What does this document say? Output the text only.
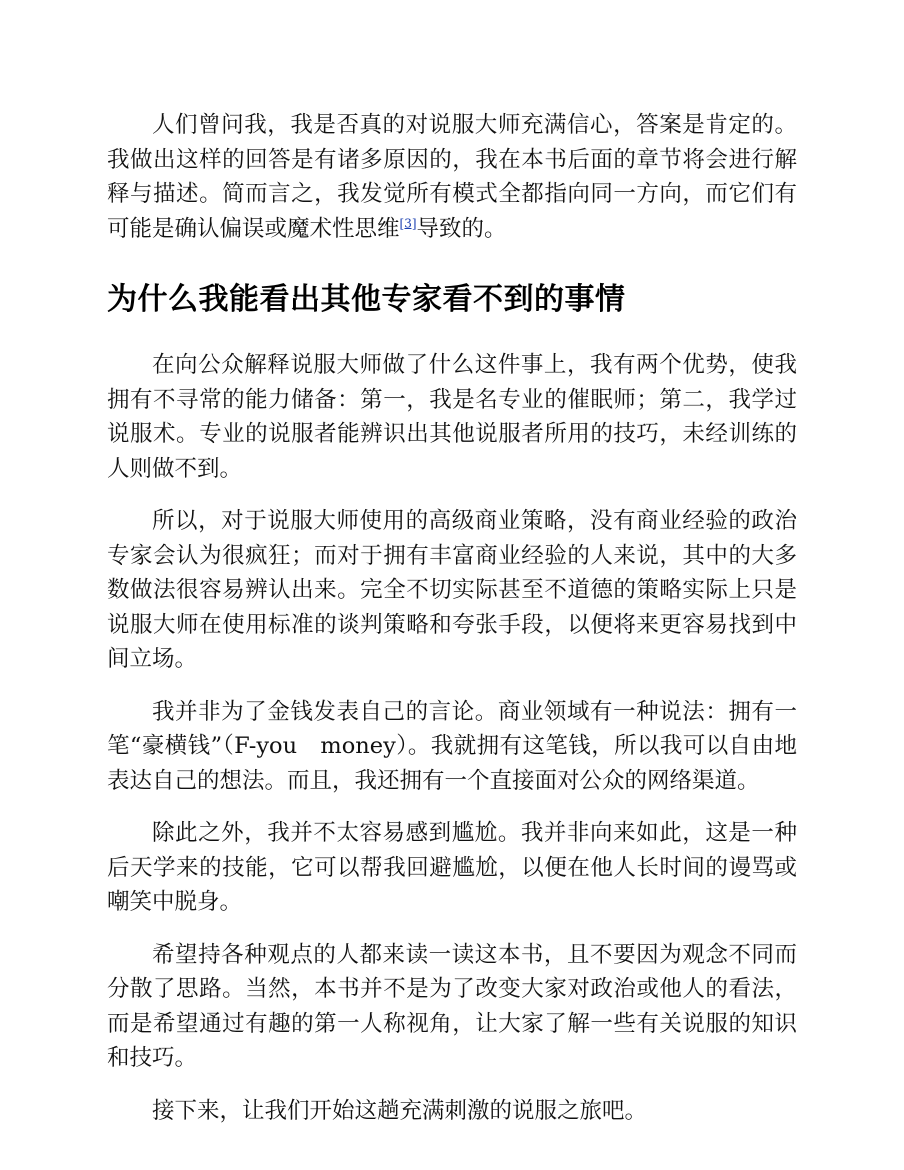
人们曾问我，我是否真的对说服大师充满信心，答案是肯定的。我做出这样的回答是有诸多原因的，我在本书后面的章节将会进行解释与描述。简而言之，我发觉所有模式全都指向同一方向，而它们有可能是确认偏误或魔术性思维[3]导致的。

为什么我能看出其他专家看不到的事情

在向公众解释说服大师做了什么这件事上，我有两个优势，使我拥有不寻常的能力储备：第一，我是名专业的催眠师；第二，我学过说服术。专业的说服者能辨识出其他说服者所用的技巧，未经训练的人则做不到。

所以，对于说服大师使用的高级商业策略，没有商业经验的政治专家会认为很疯狂；而对于拥有丰富商业经验的人来说，其中的大多数做法很容易辨认出来。完全不切实际甚至不道德的策略实际上只是说服大师在使用标准的谈判策略和夸张手段，以便将来更容易找到中间立场。

我并非为了金钱发表自己的言论。商业领域有一种说法：拥有一笔“豪横钱”（F-you　money）。我就拥有这笔钱，所以我可以自由地表达自己的想法。而且，我还拥有一个直接面对公众的网络渠道。

除此之外，我并不太容易感到尴尬。我并非向来如此，这是一种后天学来的技能，它可以帮我回避尴尬，以便在他人长时间的谩骂或嘲笑中脱身。

希望持各种观点的人都来读一读这本书，且不要因为观念不同而分散了思路。当然，本书并不是为了改变大家对政治或他人的看法，而是希望通过有趣的第一人称视角，让大家了解一些有关说服的知识和技巧。

接下来，让我们开始这趟充满刺激的说服之旅吧。
